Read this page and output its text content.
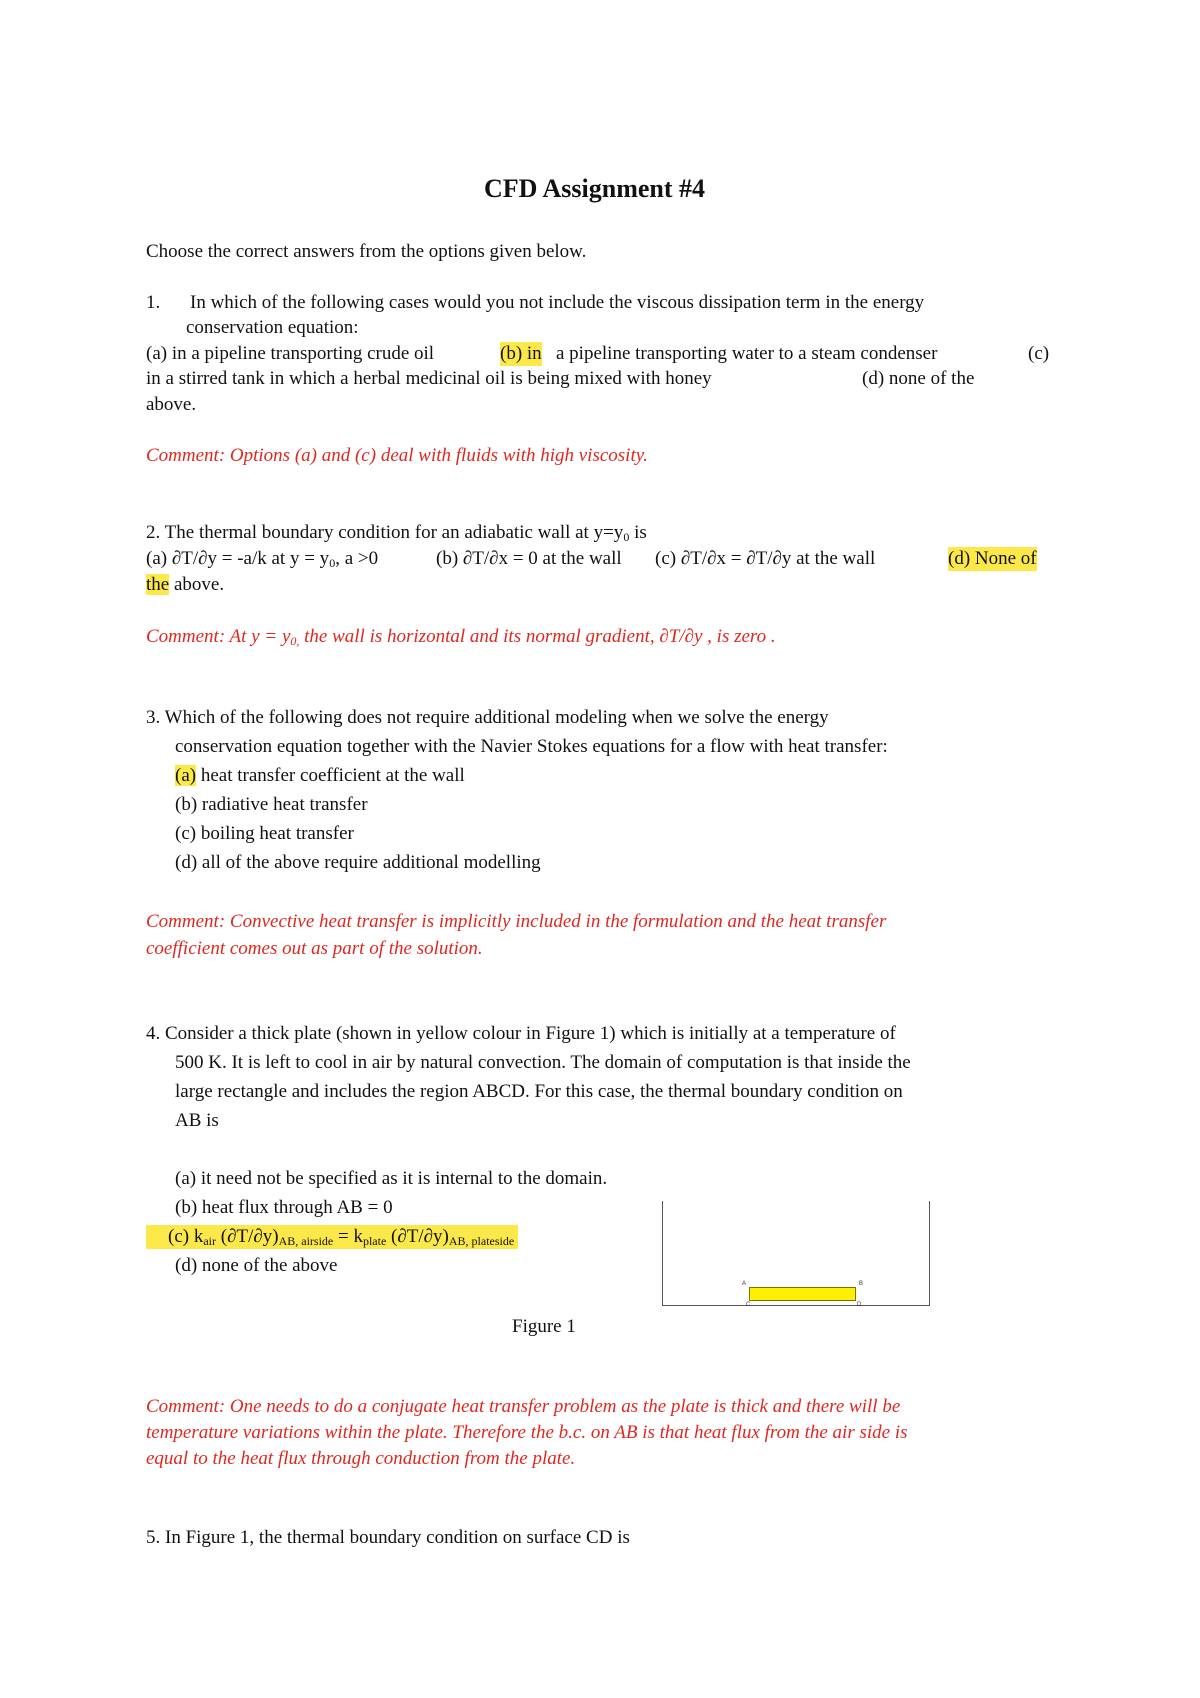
CFD Assignment #4
Choose the correct answers from the options given below.
1. In which of the following cases would you not include the viscous dissipation term in the energy
conservation equation:
(a) in a pipeline transporting crude oil	(b) in a pipeline transporting water to a steam condenser	(c)
in a stirred tank in which a herbal medicinal oil is being mixed with honey	(d) none of the
above.
Comment: Options (a) and (c) deal with fluids with high viscosity.
2. The thermal boundary condition for an adiabatic wall at $y=y_0$ is
(a) ∂T/∂y = -a/k at $y = y_0$, a >0	(b) ∂T/∂x = 0 at the wall (c) ∂T/∂x = ∂T/∂y at the wall	(d) None of
the above.
Comment: At $y = y_{0,}$ the wall is horizontal and its normal gradient, ∂T/∂y , is zero .
3. Which of the following does not require additional modeling when we solve the energy
conservation equation together with the Navier Stokes equations for a flow with heat transfer:
(a) heat transfer coefficient at the wall
(b) radiative heat transfer
(c) boiling heat transfer
(d) all of the above require additional modelling
Comment: Convective heat transfer is implicitly included in the formulation and the heat transfer
coefficient comes out as part of the solution.
4. Consider a thick plate (shown in yellow colour in Figure 1) which is initially at a temperature of
500 K. It is left to cool in air by natural convection. The domain of computation is that inside the
large rectangle and includes the region ABCD. For this case, the thermal boundary condition on
AB is
(a) it need not be specified as it is internal to the domain.
(b) heat flux through AB = 0
(c) $k_{air}$ $(\partial T/\partial y)_{AB, airside} = k_{plate}$ $(\partial T/\partial y)_{AB, plateside}$
(d) none of the above
A	B
C	D
Figure 1
Comment: One needs to do a conjugate heat transfer problem as the plate is thick and there will be
temperature variations within the plate. Therefore the b.c. on AB is that heat flux from the air side is
equal to the heat flux through conduction from the plate.
5. In Figure 1, the thermal boundary condition on surface CD is
